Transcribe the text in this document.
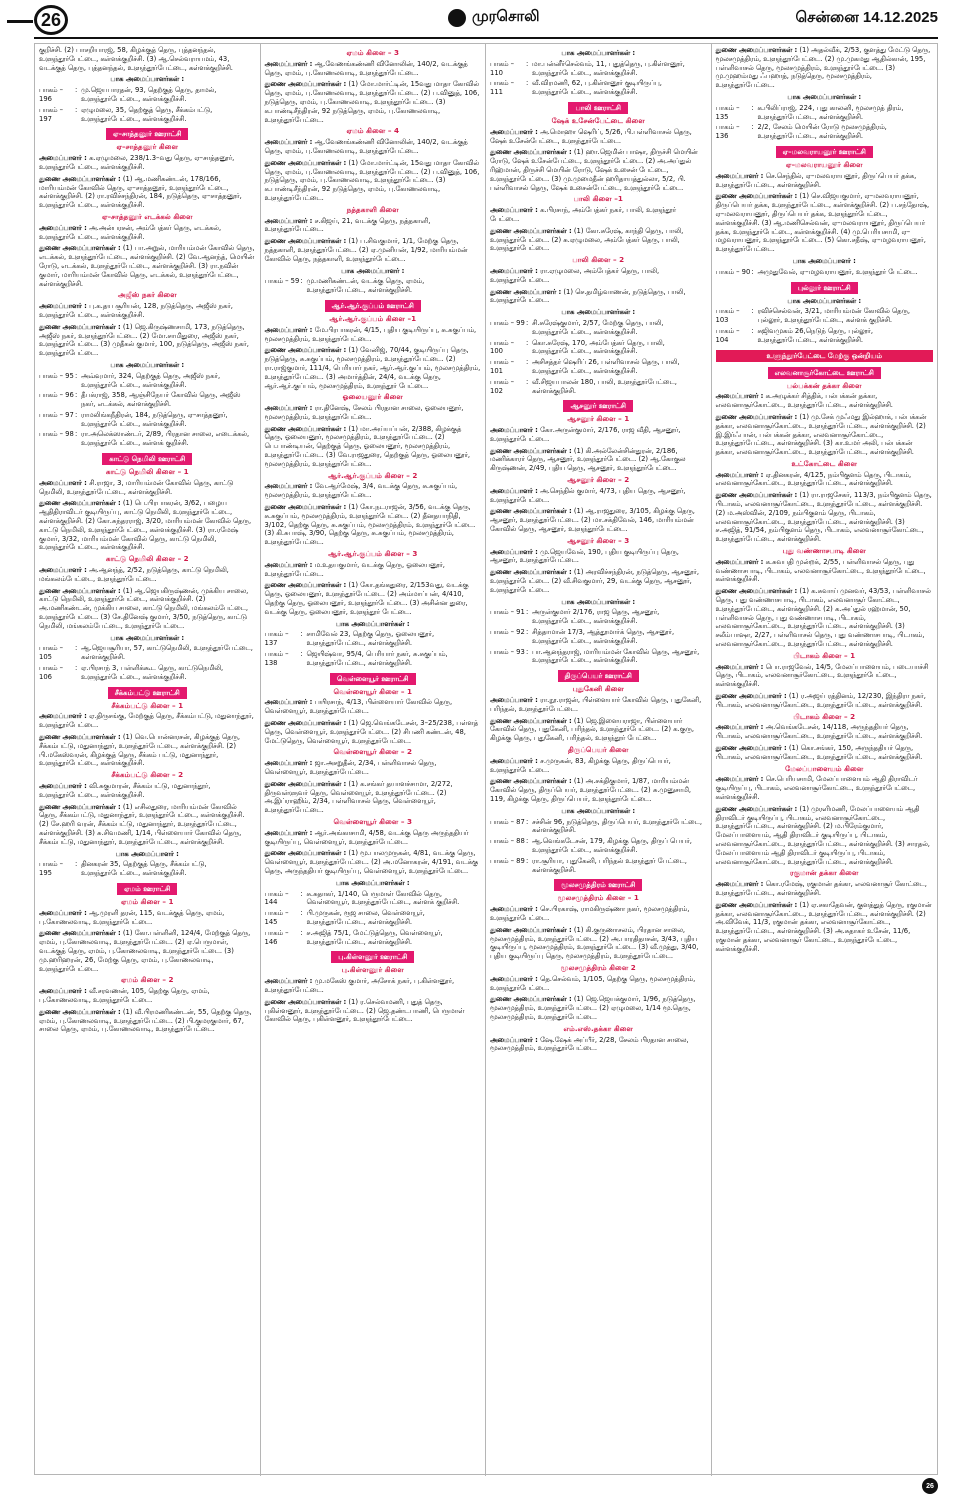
26	முரசொலி	சென்னை 14.12.2025

குறிச்சி. (2) பாசறியாரஜ், 58, கிழக்குத் தெரு, புத்தனந்தல், உளுந்தூர்பேட்டை, கள்ளக்குறிச்சி. (3) ஆ.செல்வராயமம், 43, வடக்குத் தெரு, புத்தனந்தல், உளுந்தூர்பேட்டை, கள்ளக்குறிச்சி.

பாக அமைப்பாளர்கள் :
பாகம் – 196
: மு.ஜெயபாரதன், 93, தெற்குத் தெரு, தாமல், உளுந்தூர்பேட்டை, கள்ளக்குறிச்சி.
பாகம் – 197
: ஏழுமலை, 35, தெற்குத் தெரு, சீக்கம்பட்டு, உளுந்தூர்பேட்டை, கள்ளக்குறிச்சி.
ஏ–சாத்தனூர் ஊராட்சி
ஏ–சாத்தனூர் கிளை

அமைப்பாளர் : க.ஏழுமலை, 238/1.3–வது தெரு, ஏ–சாத்தனூர், உளுந்தூர்பேட்டை, கள்ளக்குறிச்சி.

துணை அமைப்பாளர்கள் : (1) ஆ.மணிகண்டன், 178/166, மாரியம்மன் கோவில் தெரு, ஏ–சாத்தனூர், உளுந்தூர்பேட்டை, கள்ளக்குறிச்சி. (2) ரா.ரவிச்சந்திரன், 184, நடுத்தெரு, ஏ–சாத்தனூர், உளுந்தூர்பேட்டை, கள்ளக்குறிச்சி.

ஏ–சாத்தனூர் எடக்கல் கிளை

அமைப்பாளர் : அ.அன்பரசன், அம்பேத்கர் தெரு, எடக்கல், உளுந்தூர்பேட்டை, கள்ளக்குறிச்சி.

துணை அமைப்பாளர்கள் : (1) பா.அறுல், மாரியம்மன் கோவில் தெரு, எடக்கல், உளுந்தூர்பேட்டை, கள்ளக்குறிச்சி. (2) வே.ஆனந்த், மெயின் ரோடு, எடக்கல், உளுந்தூர்பேட்டை, கள்ளக்குறிச்சி. (3) ரா.நவின் குமார், மாரியம்மன் கோவில் தெரு, எடக்கல், உளுந்தூர்பேட்டை, கள்ளக்குறிச்சி.

அஜீஸ் நகர் கிளை

அமைப்பாளர் : பு.க.தய சூரியன், 128, நடுத்தெரு, அஜீஸ் நகர், உளுந்தூர்பேட்டை, கள்ளக்குறிச்சி.

துணை அமைப்பாளர்கள் : (1) ஜெ.கிருஷ்ணசாமி, 173, நடுத்தெரு, அஜீஸ் நகர், உளுந்தூர்பேட்டை. (2) மோ.சாமிதுரை, அஜீஸ் நகர், உளுந்தூர்பேட்டை. (3) முதீகல் குமார், 100, நடுத்தெரு, அஜீஸ் நகர், உளுந்தூர்பேட்டை.

பாக அமைப்பாளர்கள் :
பாகம் – 95 : அவ்வுமார், 324, தெற்குத் தெரு, அஜீஸ் நகர், உளுந்தூர்பேட்டை, கள்ளக்குறிச்சி.
பாகம் – 96 : தீபக்ராஜ், 358, ஆஞ்சிநேயர் கோவில் தெரு, அஜீஸ் நகர், எடக்கல், கள்ளக்குறிச்சி.
பாகம் – 97 : ராமலிங்கநீதிரன், 184, நடுத்தெரு, ஏ–சாத்தனூர், உளுந்தூர்பேட்டை, கள்ளக்குறிச்சி.
பாகம் – 98 : ரா.அலெக்ஸாண்டர், 2/89, பிரதான சாலை, எடைக்கல், உளுந்தூர்பேட்டை, கள்ளக் குறிச்சி.
காட்டு நெமிலி ஊராட்சி
காட்டு நெமிலி கிளை – 1

அமைப்பாளர் : சி.ராஜா, 3, மாரியம்மன் கோவில் தெரு, காட்டு நெமிலி, உளுந்தூர்பேட்டை, கள்ளக்குறிச்சி.

துணை அமைப்பாளர்கள் : (1) பெ.பிரபாகரன், 3/62, பழைய ஆதிதிராவிடர் குடியிருப்பு, காட்டு நெமிலி, உளுந்தூர்பேட்டை, கள்ளக்குறிச்சி. (2) கோ.சுந்தரராஜ், 3/20, மாரியம்மன் கோவில் தெரு, காட்டு நெமிலி, உளுந்தூர்பேட்டை, கள்ளக்குறிச்சி. (3) ரா.ரமேஷ் குமார், 3/32, மாரியம்மன் கோவில் தெரு, காட்டு நெமிலி, உளுந்தூர்பேட்டை, கள்ளக்குறிச்சி.

காட்டு நெமிலி கிளை – 2

அமைப்பாளர் : அ.ஆனந்த், 2/52, நடுத்தெரு, காட்டு நெமிலி, மங்கலம்பேட்டை, உளுந்தூர்பேட்டை.

துணை அமைப்பாளர்கள் : (1) ஆ.ஜெயகிருஷ்ணன், முக்கிய சாலை, காட்டு நெமிலி, உளுந்தூர்பேட்டை, கள்ளக்குறிச்சி. (2) அ.மணிகண்டன், முக்கிய சாலை, காட்டு நெமிலி, மங்கலம்பேட்டை, உளுந்தூர்பேட்டை. (3) சே.தினேஷ் குமார், 3/50, நடுத்தெரு, காட்டு நெமிலி, மங்கலம்பேட்டை, உளுந்தூர்பேட்டை.

பாக அமைப்பாளர்கள் :
பாகம் – 105
: ஆ.ஜெயசூரியா, 57, காட்டுநெமிலி, உளுந்தூர்பேட்டை, கள்ளக்குறிச்சி.
பாகம் – 106
: ஏ.பிரசாந் 3, பள்ளிக்கூட தெரு, காட்டுநெமிலி, உளுந்தூர்பேட்டை, கள்ளக்குறிச்சி.
சீக்கம்பட்டு ஊராட்சி
சீக்கம்பட்டு கிளை – 1

அமைப்பாளர் : ஏ.திருசங்கு, மேற்குத் தெரு, சீக்கம்பட்டு, மதுனாந்தூர், உளுந்தூர்பேட்டை.

துணை அமைப்பாளர்கள் : (1) வெ.பொன்னரசன், கிழக்குத் தெரு, சீக்கம்பட்டு, மதுனாந்தூர், உளுந்தூர்பேட்டை, கள்ளக்குறிச்சி. (2) பி.மகேஸ்வரன், கிழக்குத் தெரு, சீக்கம் பட்டு, மதுனாந்தூர், உளுந்தூர்பேட்டை, கள்ளக்குறிச்சி.

சீக்கம்பட்டு கிளை – 2

அமைப்பாளர் : வி.சுகுமாரன், சீக்கம்பட்டு, மதுனாந்தூர், உளுந்தூர்பேட்டை, கள்ளக்குறிச்சி.

துணை அமைப்பாளர்கள் : (1) எசிலதுரை, மாரியம்மன் கோவில் தெரு, சீக்கம்பட்டு, மதுனாந்தூர், உளுந்தூர்பேட்டை, கள்ளக்குறிச்சி. (2) சே.ஹரி வரன், சீக்கம்பட்டு, மதுனாந்தூர், உளுந்தூர்பேட்டை, கள்ளக்குறிச்சி. (3) சு.சிவமணி, 1/14, பிள்ளையார் கோவில் தெரு, சீக்கம்பட்டு, மதுனாந்தூர், உளுந்தூர்பேட்டை, கள்ளக்குறிச்சி.

பாக அமைப்பாளர் :
பாகம் – 195
: தினகரன் 35, தெற்குத் தெரு, சீக்கம்பட்டு, உளுந்தூர்பேட்டை, கள்ளக்குறிச்சி.
ஏமம் ஊராட்சி
ஏமம் கிளை – 1

அமைப்பாளர் : ஆ.முரளி தரன், 115, வடக்குத் தெரு, ஏமம், பு.கோணலவாடி, உளுந்தூர்பேட்டை.

துணை அமைப்பாளர்கள் : (1) கோ.பள்ளினி, 124/4, மேற்குத் தெரு, ஏமம், பு.கோணலவாடி, உளுந்தூர்பேட்டை. (2) ஏ.பெருமாள், வடக்குத் தெரு, ஏமம், பு.கோணலவாடி, உளுந்தூர்பேட்டை. (3) மு.ஹரிஹரன், 26, மேற்கு தெரு, ஏமம், பு.கோணலவாடி, உளுந்தூர்பேட்டை.

ஏமம் கிளை – 2

அமைப்பாளர் : வீ.சரவணன், 105, தெற்கு தெரு, ஏமம், பு.கோணலவாடி, உளுந்தூர்பேட்டை.

துணை அமைப்பாளர்கள் : (1) வீ.பிரமணிகண்டன், 55, தெற்கு தெரு, ஏமம், பு.கோணலவாடி, உளுந்தூர்பேட்டை. (2) பி.குமரகுமார், 67, சாலை தெரு, ஏமம், பு.கோணலவாடி, உளுந்தூர்பேட்டை.

ஏமம் கிளை – 3

அமைப்பாளர் : ஆ.வேணங்கண்ணி வினோலின், 140/2, வடக்குத் தெரு, ஏமம், பு.கோணலவாடி, உளுந்தூர்பேட்டை.

துணை அமைப்பாளர்கள் : (1) மோ.மார்ட்டின், 15வது மாதா கோவில் தெரு, ஏமம், பு.கோணலவாடி, உளுந்தூர்பேட்டை. (2) ப.வினுத், 106, நடுத்தெரு, ஏமம், பு.கோணலவாடி, உளுந்தூர்பேட்டை. (3) க.பாண்டிசீந்திரன், 92 நடுத்தெரு, ஏமம், பு.கோணலவாடி, உளுந்தூர்பேட்டை.

ஏமம் கிளை – 4

அமைப்பாளர் : ஆ.வேணங்கண்ணி வினோலின், 140/2, வடக்குத் தெரு, ஏமம், பு.கோணலவாடி, உளுந்தூர்பேட்டை.

துணை அமைப்பாளர்கள் : (1) மோ.மார்ட்டின், 15வது மாதா கோவில் தெரு, ஏமம், பு.கோணலவாடி, உளுந்தூர்பேட்டை. (2) ப.வினுத், 106, நடுத்தெரு, ஏமம், பு.கோணலவாடி, உளுந்தூர்பேட்டை. (3) க.பாண்டிசீந்திரன், 92 நடுத்தெரு, ஏமம், பு.கோணலவாடி, உளுந்தூர்பேட்டை.

நத்தகாளி கிளை

அமைப்பாளர் : ச.கிஜய், 21, வடக்கு தெரு, நத்தகாளி, உளுந்தூர்பேட்டை.

துணை அமைப்பாளர்கள் : (1) ப.சிவகுமார், 1/1, மேற்கு தெரு, நத்தகாளி, உளுந்தூர்பேட்டை. (2) ஏ.முனியன், 1/92, மாரியம்மன் கோவில் தெரு, நத்தகாளி, உளுந்தூர்பேட்டை.

பாக அமைப்பாளர் :
பாகம் – 59 : மு.மணிகண்டன், வடக்கு தெரு, ஏமம், உளுந்தூர்பேட்டை, கள்ளக்குறிச்சி.
ஆர்.ஆர்.குப்பம் ஊராட்சி
ஆர்.ஆர்.குப்பம் கிளை –1

அமைப்பாளர் : மே.பிரபாகரன், 4/15, புதிய குடியிருப்பு, சு.சுகுப்பம், மூலசமுத்திரம், உளுந்தூர்பேட்டை.

துணை அமைப்பாளர்கள் : (1) வேனிஜ், 70/44, குடியிருப்பு தெரு, நடுத்தெரு, சு.சுகுப்பம், மூலசமுத்திரம், உளுந்தூர்பேட்டை. (2) ரா.ராஜ்குமார், 111/4, பெரியார் நகர், ஆர்.ஆர்.குப்பம், மூலசமுத்திரம், உளுந்தூர்பேட்டை. (3) அமார்த்தின், 24/4, வடக்கு தெரு, ஆர்.ஆர்.குப்பம், மூலசமுத்திரம், உளுந்தூர் பேட்டை.

ஓலையனூர் கிளை

அமைப்பாளர் : ரா.தினேஷ், சேலம் பிரதான சாலை, ஓலையனூர், மூலசமுத்திரம், உளுந்தூர்பேட்டை.

துணை அமைப்பாளர்கள் : (1) மா.அய்யப்பன், 2/388, கிழக்குத் தெரு, ஓலையனூர், மூலசமுத்திரம், உளுந்தூர்பேட்டை. (2) பெ.பாண்டியன், தெற்குத் தெரு, ஓலையனூர், மூலசமுத்திரம், உளுந்தூர்பேட்டை. (3) வே.ராஜதுரை, தெற்குத் தெரு, ஓலையனூர், மூலசமுத்திரம், உளுந்தூர்பேட்டை.

ஆர்.ஆர்.குப்பம் கிளை – 2

அமைப்பாளர் : வே.ஆர்மேஷ், 3/4, வடக்கு தெரு, சு.சுகுப்பம், மூலசமுத்திரம், உளுந்தூர்பேட்டை.

துணை அமைப்பாளர்கள் : (1) கோ.நடராஜன், 3/56, வடக்கு தெரு, சு.சுகுப்பம், மூலசமுத்திரம், உளுந்தூர்பேட்டை. (2) தீனதயாநிதி, 3/102, தெற்கு தெரு, சு.சுகுப்பம், மூலசமுத்திரம், உளுந்தூர்பேட்டை. (3) கி.சுபாஷ், 3/90, தெற்கு தெரு, சு.சுகுப்பம், மூலசமுத்திரம், உளுந்தூர்பேட்டை.

ஆர்.ஆர்.குப்பம் கிளை – 3

அமைப்பாளர் : ம.உதயகுமார், வடக்கு தெரு, ஓலையனூர், உளுந்தூர்பேட்டை.

துணை அமைப்பாளர்கள் : (1) கோ.தங்கதுரை, 2/153வது, வடக்கு தெரு, ஓலையனூர், உளுந்தூர்பேட்டை. (2) அம்மாப்பன், 4/410, தெற்கு தெரு, ஓலையனூர், உளுந்தூர்பேட்டை. (3) அசின்ன துரை, வடக்கு தெரு, ஓலையனூர், உளுந்தூர் பேட்டை.

பாக அமைப்பாளர்கள் :
பாகம் – 137
: சாமிவேல் 23, தெற்கு தெரு, ஓலையனூர், உளுந்தூர்பேட்டை, கள்ளக்குறிச்சி.
பாகம் – 138
: ஜெயிஷ்வா, 95/4, பெரியார் நகர், சு.சுகுப்பம், உளுந்தூர்பேட்டை, கள்ளக்குறிச்சி.
வெள்ளையூர் ஊராட்சி
வெள்ளையூர் கிளை – 1

அமைப்பாளர் : பயிரசாந், 4/13, பிள்ளையார் கோவில் தெரு, வெள்ளையூர், உளுந்தூர்பேட்டை.

துணை அமைப்பாளர்கள் : (1) ஜெ.வெங்கடேசன், 3–25/238, பள்ளத் தெரு, வெள்ளையூர், உளுந்தூர்பேட்டை. (2) சிபணி கண்டன், 48, மேட்டுதெரு, வெள்ளையூர், உளுந்தூர்பேட்டை.

வெள்ளையூர் கிளை – 2

அமைப்பாளர் : ஜா.அசறுதீன், 2/34, பள்ளிவாசல் தெரு, வெள்ளையூர், உளுந்தூர்பேட்டை.

துணை அமைப்பாளர்கள் : (1) க.சங்கர் தயாளச்சாமா, 2/272, திருவள்ளுவர் தெரு, வெள்ளையூர், உளுந்தூர்பேட்டை. (2) அ.இப்ராஹிம், 2/34, பள்ளிவாசல் தெரு, வெள்ளையூர், உளுந்தூர்பேட்டை.

வெள்ளையூர் கிளை – 3

அமைப்பாளர் : ஆர்.அங்காசாமி, 4/58, வடக்கு தெரு அருந்ததியர் குடியிருப்பு, வெள்ளையூர், உளுந்தூர்பேட்டை.

துணை அமைப்பாளர்கள் : (1) மூ.பாலமுருகன், 4/81, வடக்கு தெரு, வெள்ளையூர், உளுந்தூர்பேட்டை. (2) அ.மனோகரன், 4/191, வடக்கு தெரு, அருந்ததியர் குடியிருப்பு, வெள்ளையூர், உளுந்தூர்பேட்டை.

பாக அமைப்பாளர்கள் :
பாகம் – 144
: சு.சுதாகர், 1/140, பெருமாள் கோவில் தெரு, வெள்ளையூர், உளுந்தூர்பேட்டை, கள்ளக் குறிச்சி.
பாகம் – 145
: பி.முருகன், ரூஜ சாலை, வெள்ளையூர், உளுந்தூர்பேட்டை, கள்ளக்குறிச்சி.
பாகம் – 146
: ச.அஜித் 75/1, மேட்டுத்தெரு, வெள்ளையூர், உளுந்தூர்பேட்டை, கள்ளக்குறிச்சி.
பு.கிள்ளனூர் ஊராட்சி
பு.கிள்ளனூர் கிளை

அமைப்பாளர் : மு.மகேஸ் குமார், அசோக் நகர், பு.கிள்ளனூர், உளுந்தூர்பேட்டை.

துணை அமைப்பாளர்கள் : (1) ர.செல்வமணி, புதுத் தெரு, புகிள்ளனூர், உளுந்தூர்பேட்டை. (2) ஜெ.தண்டபாணி, பெருமாள் கோவில் தெரு, புகிள்ளனூர், உளுந்தூர்பேட்டை.

பாக அமைப்பாளர்கள் :
பாகம் – 110
: மா.பன்னீர்செல்வம், 11, புதுத்தெரு, பு.கிள்ளனூர், உளுந்தூர்பேட்டை, கள்ளக்குறிச்சி.
பாகம் – 111
: வீ.விரமணி, 62, பு.கிள்ளனூர் குடியிருப்பு, உளுந்தூர்பேட்டை, கள்ளக்குறிச்சி.
பாலி ஊராட்சி
ஷேக் உசேன்பேட்டை கிளை

அமைப்பாளர் : அ.மொஹா ஷெரிப், 5/26, பி.பள்ளிவாசல் தெரு, ஷேக் உசேன்பேட்டை, உளுந்தூர்பேட்டை.

துணை அமைப்பாளர்கள் : (1) ஹா.ஜெமின் பாஷா, திருச்சி மெயின் ரோடு, ஷேக் உசேன்பேட்டை, உளுந்தூர்பேட்டை. (2) அ.அப்துல் ரிஹ்மான், திருச்சி மெயின் ரோடு, ஷேக் உசைன் பேட்டை, உளுந்தூர்பேட்டை. (3) மு.முமைதீன் ஹரிதாயத்துல்லா, 5/2, பி. பள்ளிவாசல் தெரு, ஷேக் உசைன்பேட்டை, உளுந்தூர்பேட்டை.

பாலி கிளை –1

அமைப்பாளர் : க.பிரசாந், அம்பேத்கர் நகர், பாலி, உளுந்தூர் பேட்டை.

துணை அமைப்பாளர்கள் : (1) கோ.சுரேஷ், காந்தி தெரு, பாலி, உளுந்தூர்பேட்டை. (2) சு.ஏழுமலை, அம்பேத்கர் தெரு, பாலி, உளுந்தூர்பேட்டை.

பாலி கிளை – 2

அமைப்பாளர் : ரா.ஏழுமலை, அம்பேத்கர் தெரு, பாலி, உளுந்தூர்பேட்டை.

துணை அமைப்பாளர் : (1) செ.தமிழ்வாணன், நடுத்தெரு, பாலி, உளுந்தூர்பேட்டை.

பாக அமைப்பாளர்கள் :
பாகம் – 99 : சி.சுரேஷ்குமார், 2/57, மேற்கு தெரு, பாலி, உளுந்தூர்பேட்டை, கள்ளக்குறிச்சி.
பாகம் – 100
: கொ.சுரேஷ், 170, அம்பேத்கர் தெரு, பாலி, உளுந்தூர்பேட்டை, கள்ளக்குறிச்சி.
பாகம் – 101
: அசிசத்தர் ஷெரிப் 26, பள்ளிவாசல் தெரு, பாலி, உளுந்தூர்பேட்டை, கள்ளக்குறிச்சி.
பாகம் – 102
: வீ.சிஜயபாலன் 180, பாலி, உளுந்தூர்பேட்டை, கள்ளக்குறிச்சி.
ஆசனூர் ஊராட்சி
ஆசனூர் கிளை – 1

அமைப்பாளர் : கோ.அருள்குமார், 2/176, ராஜ வீதி, ஆசனூர், உளுந்தூர்பேட்டை.

துணை அமைப்பாளர்கள் : (1) கி.அல்லேன்சின்துரன், 2/186, மணிக்காரர் தெரு, ஆசனூர், உளுந்தூர்பேட்டை. (2) ஆ.கோகுல கிருஷ்ணன், 2/49, புதிய தெரு, ஆசனூர், உளுந்தூர்பேட்டை.

ஆசனூர் கிளை – 2

அமைப்பாளர் : அ.செந்தில் குமார், 4/73, புதிய தெரு, ஆசனூர், உளுந்தூர்பேட்டை.

துணை அமைப்பாளர்கள் : (1) ஆ.ராஜதுரை, 3/105, கிழக்கு தெரு, ஆசனூர், உளுந்தூர்பேட்டை. (2) மா.சக்திவேல், 146, மாரியம்மன் கோவில் தெரு, ஆசனூர், உளுந்தூர்பேட்டை.

ஆசனூர் கிளை – 3

அமைப்பாளர் : மு.ஜெயவேல், 190, புதிய குடியிருப்பு தெரு, ஆசனூர், உளுந்தூர்பேட்டை.

துணை அமைப்பாளர்கள் : (1) அரவிச்சந்திரன், நடுத்தெரு, ஆசனூர், உளுந்தூர்பேட்டை. (2) வீ.சிவகுமார், 29, வடக்கு தெரு, ஆசனூர், உளுந்தூர்பேட்டை.

பாக அமைப்பாளர்கள் :
பாகம் – 91 : அருள்குமார் 2/176, ராஜ தெரு, ஆசனூர், உளுந்தூர்பேட்டை, கள்ளக்குறிச்சி.
பாகம் – 92 : சித்தாமான் 17/3, ஆத்தூமார்க் தெரு, ஆசனூர், உளுந்தூர்பேட்டை, கள்ளக்குறிச்சி.
பாகம் – 93 : பா.ஆனந்தராஜ், மாரியம்மன் கோவில் தெரு, ஆசனூர், உளுந்தூர்பேட்டை, கள்ளக்குறிச்சி.
திருப்பெயர் ஊராட்சி
புதுகேனி கிளை

அமைப்பாளர் : ரா.நூ.ராஜன், பிள்ளையார் கோவில் தெரு, புதுகேனி, பரிந்தல், உளுந்தூர்பேட்டை.

துணை அமைப்பாளர்கள் : (1) ஜெ.இளையராஜா, பிள்ளையார் கோவில் தெரு, புதுகேனி, பரிந்தல், உளுந்தூர்பேட்டை. (2) க.குரு, கிழக்கு தெரு, புதுகேனி, பரிந்தல், உளுந்தூர் பேட்டை.

திருப்பெயர் கிளை

அமைப்பாளர் : ச.முருகன், 83, கிழக்கு தெரு, திருப்பெயர், உளுந்தூர்பேட்டை.

துணை அமைப்பாளர்கள் : (1) அ.சக்திகுமார், 1/87, மாரியம்மன் கோவில் தெரு, திருப்பெயர், உளுந்தூர்பேட்டை. (2) சு.முனுசாமி, 119, கிழக்கு தெரு, திருப்பெயர், உளுந்தூர்பேட்டை.

பாக அமைப்பாளர்கள் :
பாகம் – 87 : சச்சின் 96, நடுத்தெரு, திருப்பெயர், உளுந்தூர்பேட்டை, கள்ளக்குறிச்சி.
பாகம் – 88 : ஆ.வெங்கடேசன், 179, கிழக்கு தெரு, திருப் பெயர், உளுந்தூர்பேட்டை, கள்ளக்குறிச்சி.
பாகம் – 89 : ரா.சூரியா, புதுகேனி, பரிந்தல் உளுந்தூர் பேட்டை, கள்ளக்குறிச்சி.
மூலசமுத்திரம் ஊராட்சி
மூலசமுத்திரம் கிளை – 1

அமைப்பாளர் : செ.பிரகாஷ், ராமகிருஷ்ணா நகர், மூலசமுத்திரம், உளுந்தூர்பேட்டை.

துணை அமைப்பாளர்கள் : (1) கி.குருணாசலம், பிரதான சாலை, மூலசமுத்திரம், உளுந்தூர்பேட்டை. (2) அ.பாரதிதாசன், 3/43, புதிய குடியிருப்பு, மூலசமுத்திரம், உளுந்தூர்பேட்டை. (3) வீ.முத்து, 3/40, புதிய குடியிருப்பு தெரு, மூலசமுத்திரம், உளுந்தூர்பேட்டை.

மூலசமுத்திரம் கிளை 2

அமைப்பாளர் : தெ.செல்வம், 1/105, தெற்கு தெரு, மூலசமுத்திரம், உளுந்தூர்பேட்டை.

துணை அமைப்பாளர்கள் : (1) ஜெ.ஜெயக்குமார், 1/96, நடுத்தெரு, மூலசமுத்திரம், உளுந்தூர்பேட்டை. (2) ஏழுமலை, 1/14 மூ.தெரு, மூலசமுத்திரம், உளுந்தூர்பேட்டை.

எம்.எஸ்.தக்கா கிளை

அமைப்பாளர் : ஷே.ஷேக் அப்பீர், 2/28, சேலம் பிரதான சாலை, மூலசமுத்திரம், உளுந்தூர்பேட்டை.

துணை அமைப்பாளர்கள் : (1) அதல்வீக், 2/53, குளத்து மேட்டு தெரு, மூலசமுத்திரம், உளுந்தூர்பேட்டை. (2) மு.முகமது ஆதில்கான், 195, பள்ளிவாசல் தெரு, மூலசமுத்திரம், உளுந்தூர்பேட்டை. (3) மு.முஹம்மது ஃபஹாத், நடுத்தெரு, மூலசமுத்திரம், உளுந்தூர்பேட்டை.

பாக அமைப்பாளர்கள் :
பாகம் – 135
: க.பிலிப்ராஜ், 224, புது காலனி, மூலசமுத் திரம், உளுந்தூர்பேட்டை, கள்ளக்குறிச்சி.
பாகம் – 136
: 2/2, சேலம் மெயின் ரோடு மூலசமுத்திரம், உளுந்தூர்பேட்டை, கள்ளக்குறிச்சி.
ஏ–மலவராயனூர் ஊராட்சி
ஏ–மலவராயனூர் கிளை

அமைப்பாளர் : செ.செந்தில், ஏ–மலவராயனூர், திருப்பெயர் தக்க, உளுந்தூர்பேட்டை, கள்ளக்குறிச்சி.

துணை அமைப்பாளர்கள் : (1) செ.விஜயகுமார், ஏ–மலவராயனூர், திருப்பெயர் தக்க, உளுந்தூர்பேட்டை, கள்ளக்குறிச்சி. (2) ப.சந்தோஷ், ஏ–மலவராயனூர், திருப்பெயர் தக்க, உளுந்தூர்பேட்டை, கள்ளக்குறிச்சி. (3) ஆ.மணிசெல்வன், ஏ–மலவராயனூர், திருப்பெயர் தக்க, உளுந்தூர்பேட்டை, கள்ளக்குறிச்சி. (4) மு.பெரியசாமி, ஏ–மழவராயனூர், உளுந்தூர்பேட்டை. (5) கொ.சதீஷ், ஏ–மழவராயனூர், உளுந்தூர்பேட்டை.

பாக அமைப்பாளர் :
பாகம் – 90 : அமுதுவேல், ஏ–மழவராயனூர், உளுந்தூர் பேட்டை.
புல்லூர் ஊராட்சி
பாக அமைப்பாளர்கள் :
பாகம் – 103
: ரவிச்செல்வன், 3/21, மாரியம்மன் கோவில் தெரு, புல்லூர், உளுந்தூர்பேட்டை, கள்ளக் குறிச்சி.
பாகம் – 104
: சுஜிவமுகம் 26,நெடுந் தெரு, புல்லூர், உளுந்தூர்பேட்டை, கள்ளக்குறிச்சி.
உளுந்தூர்பேட்டை மேற்கு ஒன்றியம்
எலவனாசூர்கோட்டை ஊராட்சி
பல்பக்கன் தக்கா கிளை

அமைப்பாளர் : க.அழுக்கர் சித்திக், பல்பக்கன் தக்கா, எலவனாசூர்கோட்டை, உளுந்தூர்பேட்டை, கள்ளக்குறிச்சி.

துணை அமைப்பாளர்கள் : (1) மு.சேக் முஃமது இல்ஹாக், பல்பக்கன் தக்கா, எலவனாசூர்கோட்டை, உளுந்தூர்பேட்டை, கள்ளக்குறிச்சி. (2) இ.இர்ஃபான், பல்பக்கன் தக்கா, எலவனாசூர்கோட்டை, உளுந்தூர்பேட்டை, கள்ளக்குறிச்சி. (3) கா.உமர் அலி, பல்பக்கன் தக்கா, எலவனாசூர்கோட்டை, உளுந்தூர்பேட்டை, கள்ளக்குறிச்சி.

உட்கோட்டை கிளை

அமைப்பாளர் : ஏ.தினகரன், 4/125, நம்பிகுளம் தெரு, பிடாகம், எலவனாசூர்கோட்டை, உளுந்தூர்பேட்டை, கள்ளக்குறிச்சி.

துணை அமைப்பாளர்கள் : (1) ரா.ராஜசேகர், 113/3, நம்பிகுளம் தெரு, பிடாகம், எலவனாசூர்கோட்டை, உளுந்தூர்பேட்டை, கள்ளக்குறிச்சி. (2) ம.அஸ்வின், 2/109, நம்பிகுளம் தெரு, பிடாகம், எலவனாசூர்கோட்டை, உளுந்தூர்பேட்டை, கள்ளக்குறிச்சி. (3) ச.அஜித், 91/54, நம்பிகுளம் தெரு, பிடாகம், எலவனாசூர்கோட்டை, உளுந்தூர்பேட்டை, கள்ளக்குறிச்சி.

புது வண்ணாசபாடி கிளை

அமைப்பாளர் : க.சுவபதி முன்றக், 2/55, பள்ளிவாசல் தெரு, புது வண்ணாசபாடி, பிடாகம், எலவனாசூர்கோட்டை, உளுந்தூர்பேட்டை, கள்ளக்குறிச்சி.

துணை அமைப்பாளர்கள் : (1) க.சுவாய் முனவர், 43/53, பள்ளிவாசல் தெரு, புது வண்ணாசபாடி, பிடாகம், எலவனாசூர் கோட்டை, உளுந்தூர்பேட்டை, கள்ளக்குறிச்சி. (2) க.அப்துல் ரஹ்மான், 50, பள்ளிவாசல் தெரு, புது வண்ணாசபாடி, பிடாகம், எலவனாசூர்கோட்டை, உளுந்தூர்பேட்டை, கள்ளக்குறிச்சி. (3) சலீம்பாஷா, 2/27, பள்ளிவாசல் தெரு, புது வண்ணாசபாடி, பிடாகம், எலவனாசூர்கோட்டை, உளுந்தூர்பேட்டை, கள்ளக்குறிச்சி.

பிடாகம் கிளை – 1

அமைப்பாளர் : பொ.ராஜவேல், 14/5, மேலப்பாளையம், படையாச்சி தெரு, பிடாகம், எலவனாசூர்கோட்டை, உளுந்தூர்பேட்டை, கள்ளக்குறிச்சி.

துணை அமைப்பாளர் : (1) ர.அஜய் ரத்தினம், 12/230, இந்திரா நகர், பிடாகம், எலவனாசூர்கோட்டை, உளுந்தூர்பேட்டை, கள்ளக்குறிச்சி.

பிடாகம் கிளை – 2

அமைப்பாளர் : அ.வெங்கடேசன், 14/118, அருந்ததியர் தெரு, பிடாகம், எலவனாசூர்கோட்டை, உளுந்தூர்பேட்டை, கள்ளக்குறிச்சி.

துணை அமைப்பாளர் : (1) கொ.சங்கர், 150, அருந்ததியர் தெரு, பிடாகம், எலவனாசூர்கோட்டை, உளுந்தூர்பேட்டை, கள்ளக்குறிச்சி.

மேலப்பாளையம் கிளை

அமைப்பாளர் : செ.பெரியசாமி, மேலப்பாளையம் ஆதி திராவிடர் குடியிருப்பு, பிடாகம், எலவனாசூர்கோட்டை, உளுந்தூர்பேட்டை, கள்ளக்குறிச்சி.

துணை அமைப்பாளர்கள் : (1) முரளிமணி, மேலப்பாளையம் ஆதி திராவிடர் குடியிருப்பு, பிடாகம், எலவனாசூர்கோட்டை, உளுந்தூர்பேட்டை, கள்ளக்குறிச்சி. (2) ம.பிரேம்குமார், மேலப்பாளையம், ஆதி திராவிடர் குடியிருப்பு, பிடாகம், எலவனாசூர்கோட்டை, உளுந்தூர்பேட்டை, கள்ளக்குறிச்சி. (3) சாரதல், மேலப்பாளையம் ஆதி திராவிடர் குடியிருப்பு, பிடாகம், எலவனாசூர்கோட்டை, உளுந்தூர்பேட்டை, கள்ளக்குறிச்சி.

ரகுமான் தக்கா கிளை

அமைப்பாளர் : கொ.ரமேஷ், ரகுமான் தக்கா, எலவனாசூர் கோட்டை, உளுந்தூர்பேட்டை, கள்ளக்குறிச்சி.

துணை அமைப்பாளர்கள் : (1) ஏ.சகாதேவன், குளத்துத் தெரு, ரகுமான் தக்கா, எலவனாசூர்கோட்டை, உளுந்தூர்பேட்டை, கள்ளக்குறிச்சி. (2) அ.விவேக், 11/3, ரகுமான் தக்கா, எலவனாசூர்கோட்டை, உளுந்தூர்பேட்டை, கள்ளக்குறிச்சி. (3) அ.சுதாகர் உசேன், 11/6, ரகுமான் தக்கா, எலவனாசூர் கோட்டை, உளுந்தூர்பேட்டை, கள்ளக்குறிச்சி.

26
